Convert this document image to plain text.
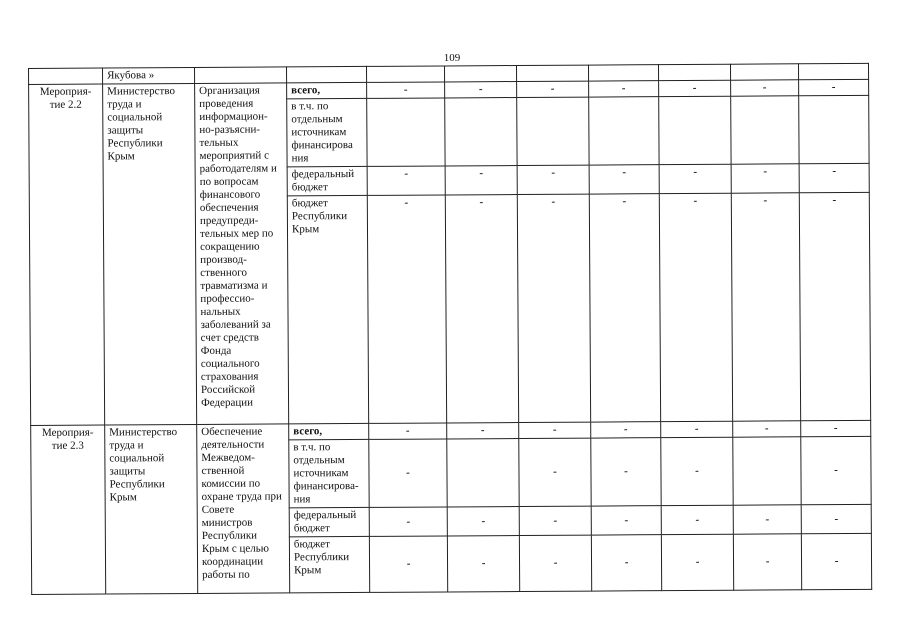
109
	Якубова »									
Мероприя-тие 2.2	Министерство труда и социальной защиты Республики Крым	Организация проведения информацион-но-разъясни-тельных мероприятий с работодателям и по вопросам финансового обеспечения предупреди-тельных мер по сокращению производ-ственного травматизма и профессио-нальных заболеваний за счет средств Фонда социального страхования Российской Федерации	всего,	-	-	-	-	-	-	-
			в т.ч. по отдельным источникам финансирова ния							
			федеральный бюджет	-	-	-	-	-	-	-
			бюджет Республики Крым	-	-	-	-	-	-	-
Мероприя-тие 2.3	Министерство труда и социальной защиты Республики Крым	Обеспечение деятельности Межведом-ственной комиссии по охране труда при Совете министров Республики Крым с целью координации работы по	всего,	-	-	-	-	-	-	-
			в т.ч. по отдельным источникам финансирова-ния	-		-	-	-		-
			федеральный бюджет	-	-	-	-	-	-	-
			бюджет Республики Крым	-	-	-	-	-	-	-
